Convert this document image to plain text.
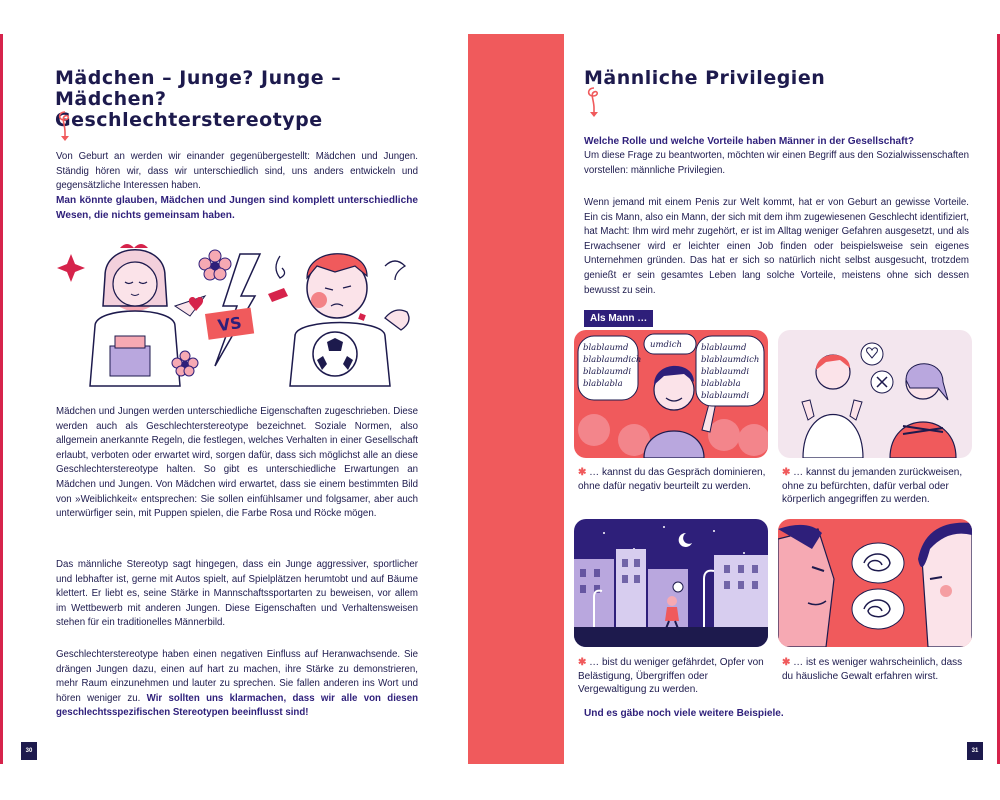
Mädchen – Junge? Junge – Mädchen?
Geschlechterstereotype

Von Geburt an werden wir einander gegenübergestellt: Mädchen und Jungen. Ständig hören wir, dass wir unterschiedlich sind, uns anders entwickeln und gegensätzliche Interessen haben.

Man könnte glauben, Mädchen und Jungen sind komplett unterschiedliche Wesen, die nichts gemeinsam haben.

VS

Mädchen und Jungen werden unterschiedliche Eigenschaften zugeschrieben. Diese werden auch als Geschlechterstereotype bezeichnet. Soziale Normen, also allgemein anerkannte Regeln, die festlegen, welches Verhalten in einer Gesellschaft erlaubt, verboten oder erwartet wird, sorgen dafür, dass sich möglichst alle an diese Geschlechterstereotype halten. So gibt es unterschiedliche Erwartungen an Mädchen und Jungen. Von Mädchen wird erwartet, dass sie einem bestimmten Bild von »Weiblichkeit« entsprechen: Sie sollen einfühlsamer und folgsamer, aber auch unterwürfiger sein, mit Puppen spielen, die Farbe Rosa und Röcke mögen.

Das männliche Stereotyp sagt hingegen, dass ein Junge aggressiver, sportlicher und lebhafter ist, gerne mit Autos spielt, auf Spielplätzen herumtobt und auf Bäume klettert. Er liebt es, seine Stärke in Mannschaftssportarten zu beweisen, vor allem im Wettbewerb mit anderen Jungen. Diese Eigenschaften und Verhaltensweisen stehen für ein traditionelles Männerbild.

Geschlechterstereotype haben einen negativen Einfluss auf Heranwachsende. Sie drängen Jungen dazu, einen auf hart zu machen, ihre Stärke zu demonstrieren, mehr Raum einzunehmen und lauter zu sprechen. Sie fallen anderen ins Wort und hören weniger zu. Wir sollten uns klarmachen, dass wir alle von diesen geschlechtsspezifischen Stereotypen beeinflusst sind!

30
Männliche Privilegien

Welche Rolle und welche Vorteile haben Männer in der Gesellschaft?

Um diese Frage zu beantworten, möchten wir einen Begriff aus den Sozialwissenschaften vorstellen: männliche Privilegien.

Wenn jemand mit einem Penis zur Welt kommt, hat er von Geburt an gewisse Vorteile. Ein cis Mann, also ein Mann, der sich mit dem ihm zugewiesenen Geschlecht identifiziert, hat Macht: Ihm wird mehr zugehört, er ist im Alltag weniger Gefahren ausgesetzt, und als Erwachsener wird er leichter einen Job finden oder beispielsweise sein eigenes Unternehmen gründen. Das hat er sich so natürlich nicht selbst ausgesucht, trotzdem genießt er sein gesamtes Leben lang solche Vorteile, meistens ohne sich dessen bewusst zu sein.

Als Mann …
blablaumd	umdich blablaumdich blablaumdi blablabla blablaumd blablaumdich blablaumdi blablabla blablaumdi

✱ … kannst du das Gespräch dominieren, ohne dafür negativ beurteilt zu werden.

✱ … kannst du jemanden zurückweisen, ohne zu befürchten, dafür verbal oder körperlich angegriffen zu werden.

✱ … bist du weniger gefährdet, Opfer von Belästigung, Übergriffen oder Vergewaltigung zu werden.

✱ … ist es weniger wahrscheinlich, dass du häusliche Gewalt erfahren wirst.

Und es gäbe noch viele weitere Beispiele.

31
